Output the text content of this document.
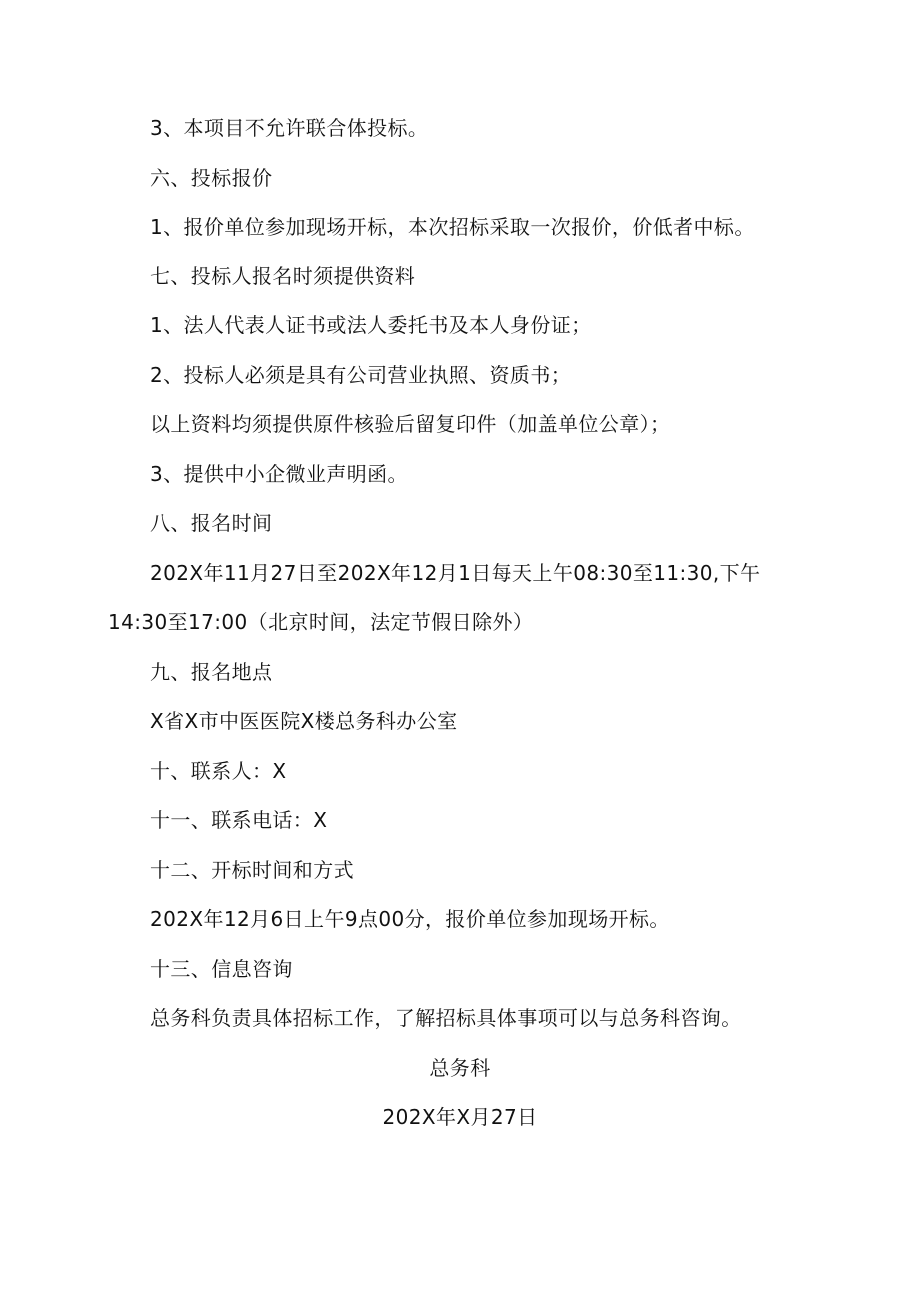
3、本项目不允许联合体投标。
六、投标报价
1、报价单位参加现场开标，本次招标采取一次报价，价低者中标。
七、投标人报名时须提供资料
1、法人代表人证书或法人委托书及本人身份证；
2、投标人必须是具有公司营业执照、资质书；
以上资料均须提供原件核验后留复印件（加盖单位公章）；
3、提供中小企微业声明函。
八、报名时间
202X年11月27日至202X年12月1日每天上午08:30至11:30,下午
14:30至17:00（北京时间，法定节假日除外）
九、报名地点
X省X市中医医院X楼总务科办公室
十、联系人：X
十一、联系电话：X
十二、开标时间和方式
202X年12月6日上午9点00分，报价单位参加现场开标。
十三、信息咨询
总务科负责具体招标工作，了解招标具体事项可以与总务科咨询。
总务科
202X年X月27日
